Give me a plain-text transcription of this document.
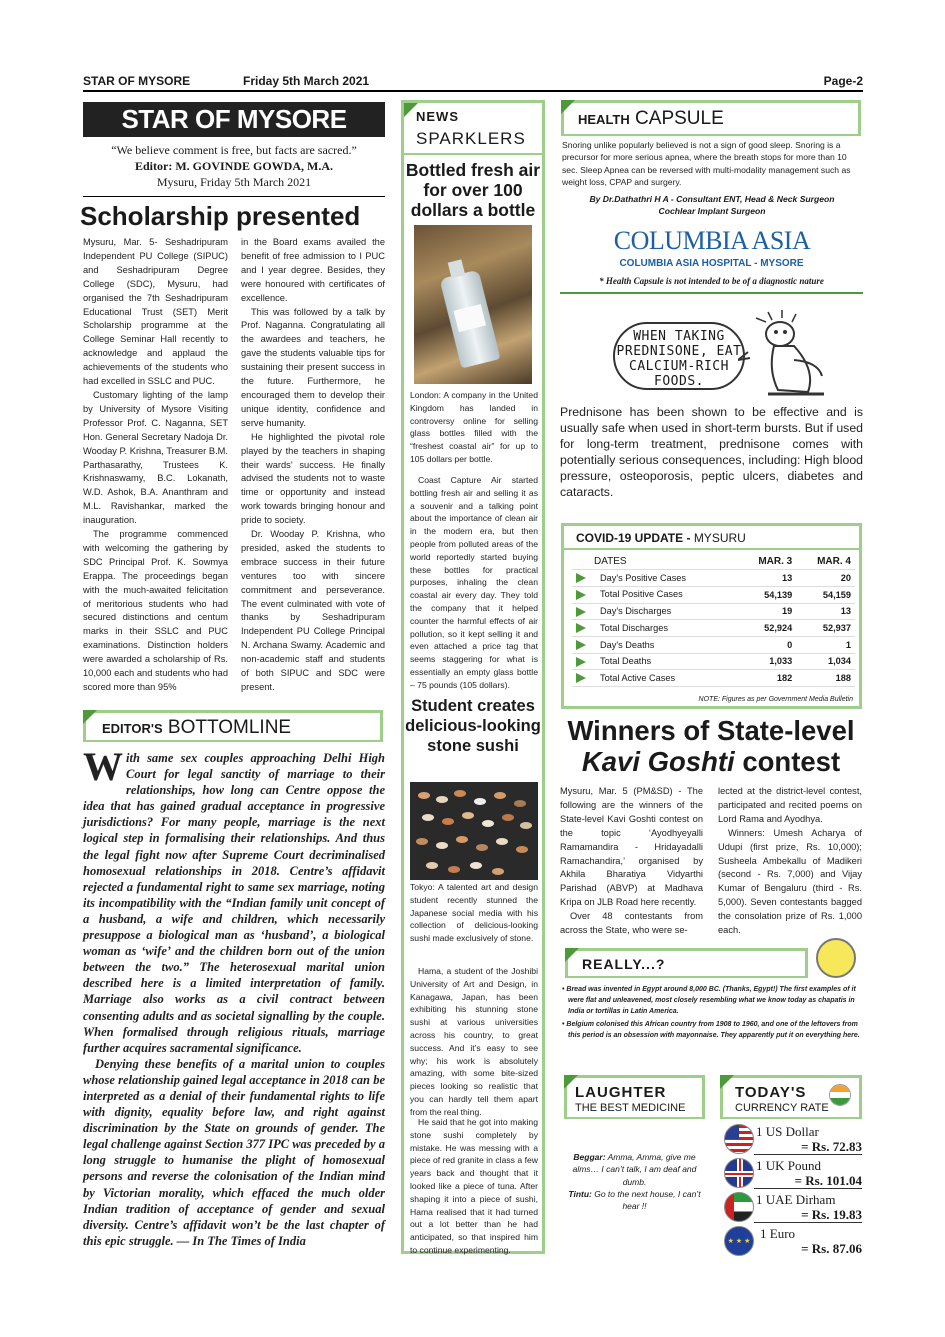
STAR OF MYSORE	Friday 5th March 2021	Page-2
STAR OF MYSORE
“We believe comment is free, but facts are sacred.”
Editor: M. GOVINDE GOWDA, M.A.
Mysuru, Friday 5th March 2021
Scholarship presented

Mysuru, Mar. 5- Seshadripuram Independent PU College (SIPUC) and Seshadripuram Degree College (SDC), Mysuru, had organised the 7th Seshadripuram Educational Trust (SET) Merit Scholarship programme at the College Seminar Hall recently to acknowledge and applaud the achievements of the students who had excelled in SSLC and PUC.

Customary lighting of the lamp by University of Mysore Visiting Professor Prof. C. Naganna, SET Hon. General Secretary Nadoja Dr. Wooday P. Krishna, Treasurer B.M. Parthasarathy, Trustees K. Krishnaswamy, B.C. Lokanath, W.D. Ashok, B.A. Ananthram and M.L. Ravishankar, marked the inauguration.

The programme commenced with welcoming the gathering by SDC Principal Prof. K. Sowmya Erappa. The proceedings began with the much-awaited felicitation of meritorious students who had secured distinctions and centum marks in their SSLC and PUC examinations. Distinction holders were awarded a scholarship of Rs. 10,000 each and students who had scored more than 95%

in the Board exams availed the benefit of free admission to I PUC and I year degree. Besides, they were honoured with certificates of excellence.

This was followed by a talk by Prof. Naganna. Congratulating all the awardees and teachers, he gave the students valuable tips for sustaining their present success in the future. Furthermore, he encouraged them to develop their unique identity, confidence and serve humanity.

He highlighted the pivotal role played by the teachers in shaping their wards’ success. He finally advised the students not to waste time or opportunity and instead work towards bringing honour and pride to society.

Dr. Wooday P. Krishna, who presided, asked the students to embrace success in their future ventures too with sincere commitment and perseverance. The event culminated with vote of thanks by Seshadripuram Independent PU College Principal N. Archana Swamy. Academic and non-academic staff and students of both SIPUC and SDC were present.

EDITOR'S BOTTOMLINE

With same sex couples approaching Delhi High Court for legal sanctity of marriage to their relationships, how long can Centre oppose the idea that has gained gradual acceptance in progressive jurisdictions? For many people, marriage is the next logical step in formalising their relationships. And thus the legal fight now after Supreme Court decriminalised homosexual relationships in 2018. Centre’s affidavit rejected a fundamental right to same sex marriage, noting its incompatibility with the “Indian family unit concept of a husband, a wife and children, which necessarily presuppose a biological man as ‘husband’, a biological woman as ‘wife’ and the children born out of the union between the two.” The heterosexual marital union described here is a limited interpretation of family. Marriage also works as a civil contract between consenting adults and as societal signalling by the couple. When formalised through religious rituals, marriage further acquires sacramental significance.

Denying these benefits of a marital union to couples whose relationship gained legal acceptance in 2018 can be interpreted as a denial of their fundamental rights to life with dignity, equality before law, and right against discrimination by the State on grounds of gender. The legal challenge against Section 377 IPC was preceded by a long struggle to humanise the plight of homosexual persons and reverse the colonisation of the Indian mind by Victorian morality, which effaced the much older Indian tradition of acceptance of gender and sexual diversity. Centre’s affidavit won’t be the last chapter of this epic struggle. — In The Times of India

NEWS
SPARKLERS
Bottled fresh air for over 100 dollars a bottle
London: A company in the United Kingdom has landed in controversy online for selling glass bottles filled with the “freshest coastal air” for up to 105 dollars per bottle.
Coast Capture Air started bottling fresh air and selling it as a souvenir and a talking point about the importance of clean air in the modern era, but then people from polluted areas of the world reportedly started buying these bottles for practical purposes, inhaling the clean coastal air every day. They told the company that it helped counter the harmful effects of air pollution, so it kept selling it and even attached a price tag that seems staggering for what is essentially an empty glass bottle – 75 pounds (105 dollars).
Student creates delicious-looking stone sushi
Tokyo: A talented art and design student recently stunned the Japanese social media with his collection of delicious-looking sushi made exclusively of stone.
Hama, a student of the Joshibi University of Art and Design, in Kanagawa, Japan, has been exhibiting his stunning stone sushi at various universities across his country, to great success. And it’s easy to see why; his work is absolutely amazing, with some bite-sized pieces looking so realistic that you can hardly tell them apart from the real thing.
He said that he got into making stone sushi completely by mistake. He was messing with a piece of red granite in class a few years back and thought that it looked like a piece of tuna. After shaping it into a piece of sushi, Hama realised that it had turned out a lot better than he had anticipated, so that inspired him to continue experimenting.
HEALTH CAPSULE
Snoring unlike popularly believed is not a sign of good sleep. Snoring is a precursor for more serious apnea, where the breath stops for more than 10 sec. Sleep Apnea can be reversed with multi-modality management such as weight loss, CPAP and surgery.
By Dr.Dathathri H A - Consultant ENT, Head & Neck Surgeon
Cochlear Implant Surgeon
COLUMBIA ASIA
COLUMBIA ASIA HOSPITAL - MYSORE
* Health Capsule is not intended to be of a diagnostic nature
WHEN TAKING PREDNISONE, EAT CALCIUM-RICH FOODS.
Prednisone has been shown to be effective and is usually safe when used in short-term bursts. But if used for long-term treatment, prednisone comes with potentially serious consequences, including: High blood pressure, osteoporosis, peptic ulcers, diabetes and cataracts.
COVID-19 UPDATE - MYSURU
DATES	MAR. 3	MAR. 4
Day's Positive Cases	13	20
Total Positive Cases	54,139	54,159
Day's Discharges	19	13
Total Discharges	52,924	52,937
Day's Deaths	0	1
Total Deaths	1,033	1,034
Total Active Cases	182	188
NOTE: Figures as per Government Media Bulletin
Winners of State-level
Kavi Goshti contest

Mysuru, Mar. 5 (PM&SD) - The following are the winners of the State-level Kavi Goshti contest on the topic ‘Ayodhyeyalli Ramamandira - Hridayadalli Ramachandira,’ organised by Akhila Bharatiya Vidyarthi Parishad (ABVP) at Madhava Kripa on JLB Road here recently.

Over 48 contestants from across the State, who were se-

lected at the district-level contest, participated and recited poems on Lord Rama and Ayodhya.

Winners: Umesh Acharya of Udupi (first prize, Rs. 10,000); Susheela Ambekallu of Madikeri (second - Rs. 7,000) and Vijay Kumar of Bengaluru (third - Rs. 5,000). Seven contestants bagged the consolation prize of Rs. 1,000 each.

REALLY...?

• Bread was invented in Egypt around 8,000 BC. (Thanks, Egypt!) The first examples of it were flat and unleavened, most closely resembling what we know today as chapatis in India or tortillas in Latin America.

• Belgium colonised this African country from 1908 to 1960, and one of the leftovers from this period is an obsession with mayonnaise. They apparently put it on everything here.

LAUGHTER
THE BEST MEDICINE
Beggar: Amma, Amma, give me alms… I can’t talk, I am deaf and dumb.
Tintu: Go to the next house, I can’t hear !!
TODAY'S
CURRENCY RATE
1 US Dollar
= Rs. 72.83
1 UK Pound
= Rs. 101.04
1 UAE Dirham
= Rs. 19.83
★ ★ ★
1 Euro
= Rs. 87.06
